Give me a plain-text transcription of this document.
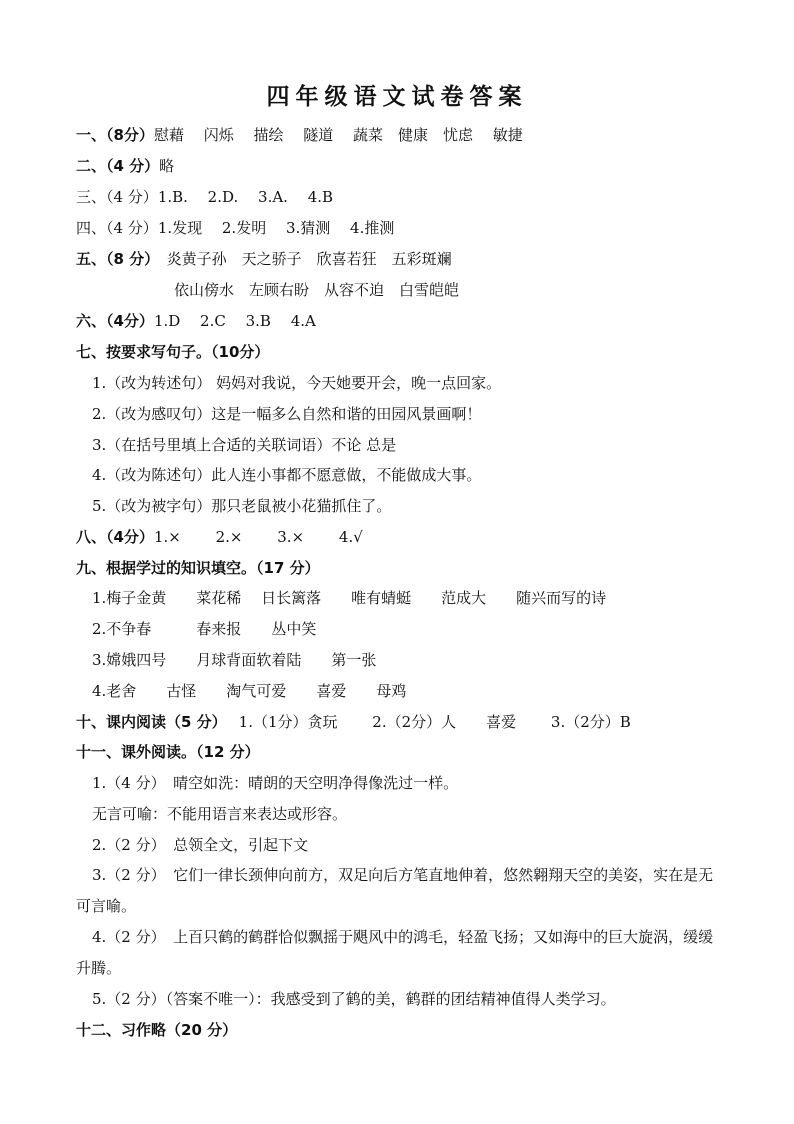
四年级语文试卷答案
一、（8分）慰藉　 闪烁　 描绘　 隧道　 蔬菜　健康　忧虑　 敏捷
二、（4 分）略
三、（4 分）1.B.　 2.D.　 3.A.　 4.B
四、（4 分）1.发现　 2.发明　 3.猜测　 4.推测
五、（8 分）　炎黄子孙　天之骄子　欣喜若狂　五彩斑斓
依山傍水　左顾右盼　从容不迫　白雪皑皑
六、（4分）1.D　 2.C　 3.B　 4.A
七、按要求写句子。（10分）
1.（改为转述句） 妈妈对我说，今天她要开会，晚一点回家。
2.（改为感叹句）这是一幅多么自然和谐的田园风景画啊！
3.（在括号里填上合适的关联词语）不论 总是
4.（改为陈述句）此人连小事都不愿意做，不能做成大事。
5.（改为被字句）那只老鼠被小花猫抓住了。
八、（4分）1.×　　 2.×　　 3.×　　 4.√
九、根据学过的知识填空。（17 分）
1.梅子金黄　　菜花稀　 日长篱落　　唯有蜻蜓　　范成大　　随兴而写的诗
2.不争春　　　春来报　　丛中笑
3.嫦娥四号　　月球背面软着陆　　第一张
4.老舍　　古怪　　淘气可爱　　喜爱　　母鸡
十、课内阅读（5 分） 1.（1分）贪玩　　 2.（2分）人　　喜爱　　 3.（2分）B
十一、课外阅读。（12 分）
1.（4 分）　晴空如洗：晴朗的天空明净得像洗过一样。
无言可喻：不能用语言来表达或形容。
2.（2 分）　总领全文，引起下文
3.（2 分）　它们一律长颈伸向前方，双足向后方笔直地伸着，悠然翱翔天空的美姿，实在是无可言喻。
4.（2 分）　上百只鹤的鹤群恰似飘摇于飓风中的鸿毛，轻盈飞扬；又如海中的巨大旋涡，缓缓升腾。
5.（2 分）（答案不唯一）：我感受到了鹤的美，鹤群的团结精神值得人类学习。
十二、习作略（20 分）
